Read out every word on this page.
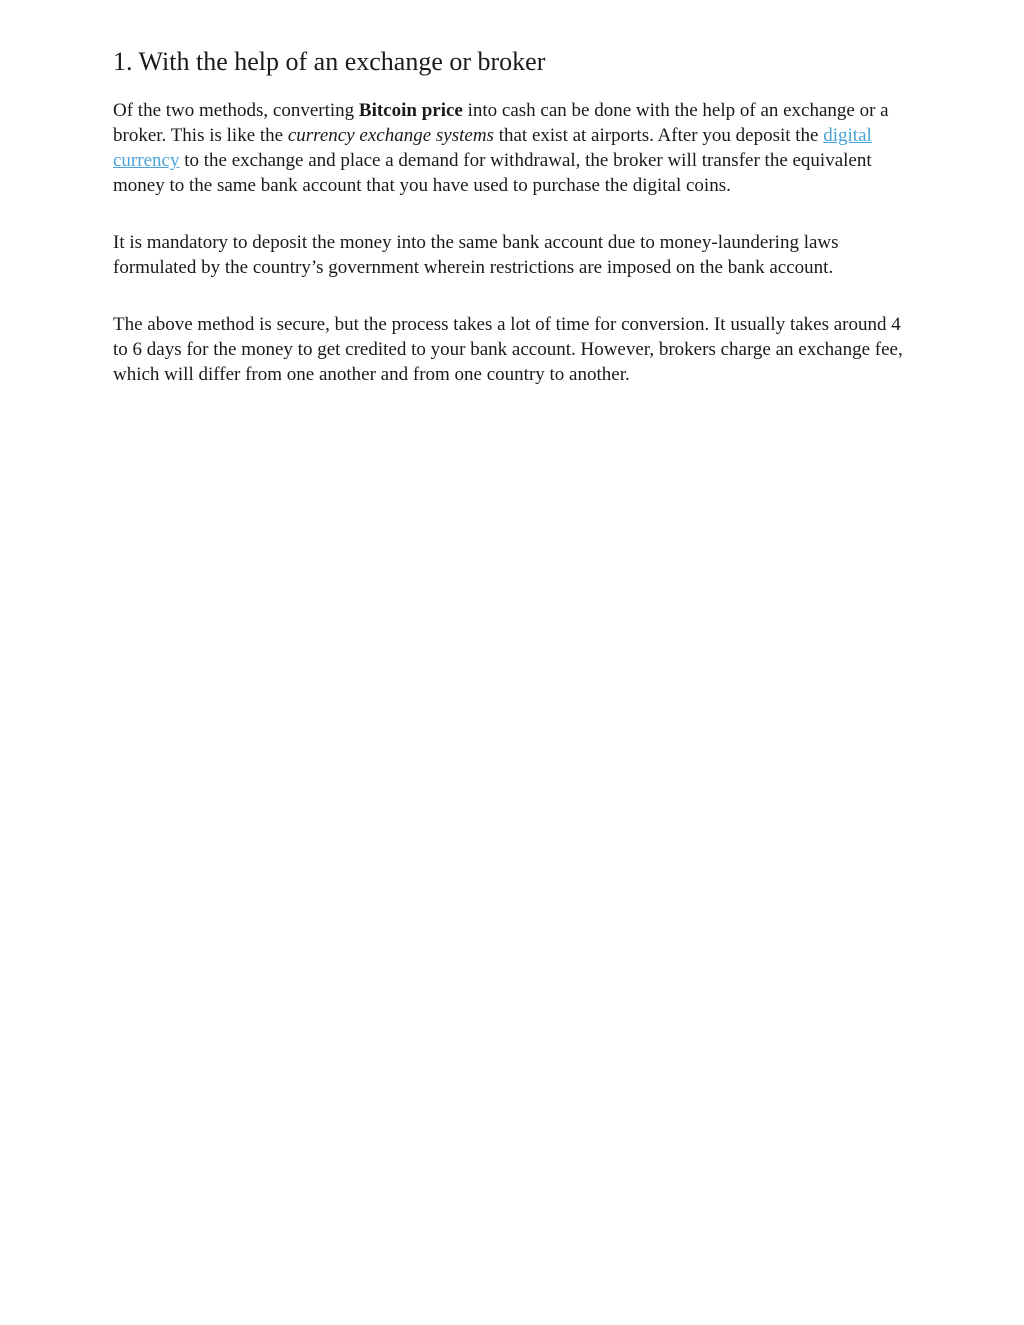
1. With the help of an exchange or broker

Of the two methods, converting Bitcoin price into cash can be done with the help of an exchange or a broker. This is like the currency exchange systems that exist at airports. After you deposit the digital currency to the exchange and place a demand for withdrawal, the broker will transfer the equivalent money to the same bank account that you have used to purchase the digital coins.

It is mandatory to deposit the money into the same bank account due to money-laundering laws formulated by the country’s government wherein restrictions are imposed on the bank account.

The above method is secure, but the process takes a lot of time for conversion. It usually takes around 4 to 6 days for the money to get credited to your bank account. However, brokers charge an exchange fee, which will differ from one another and from one country to another.
